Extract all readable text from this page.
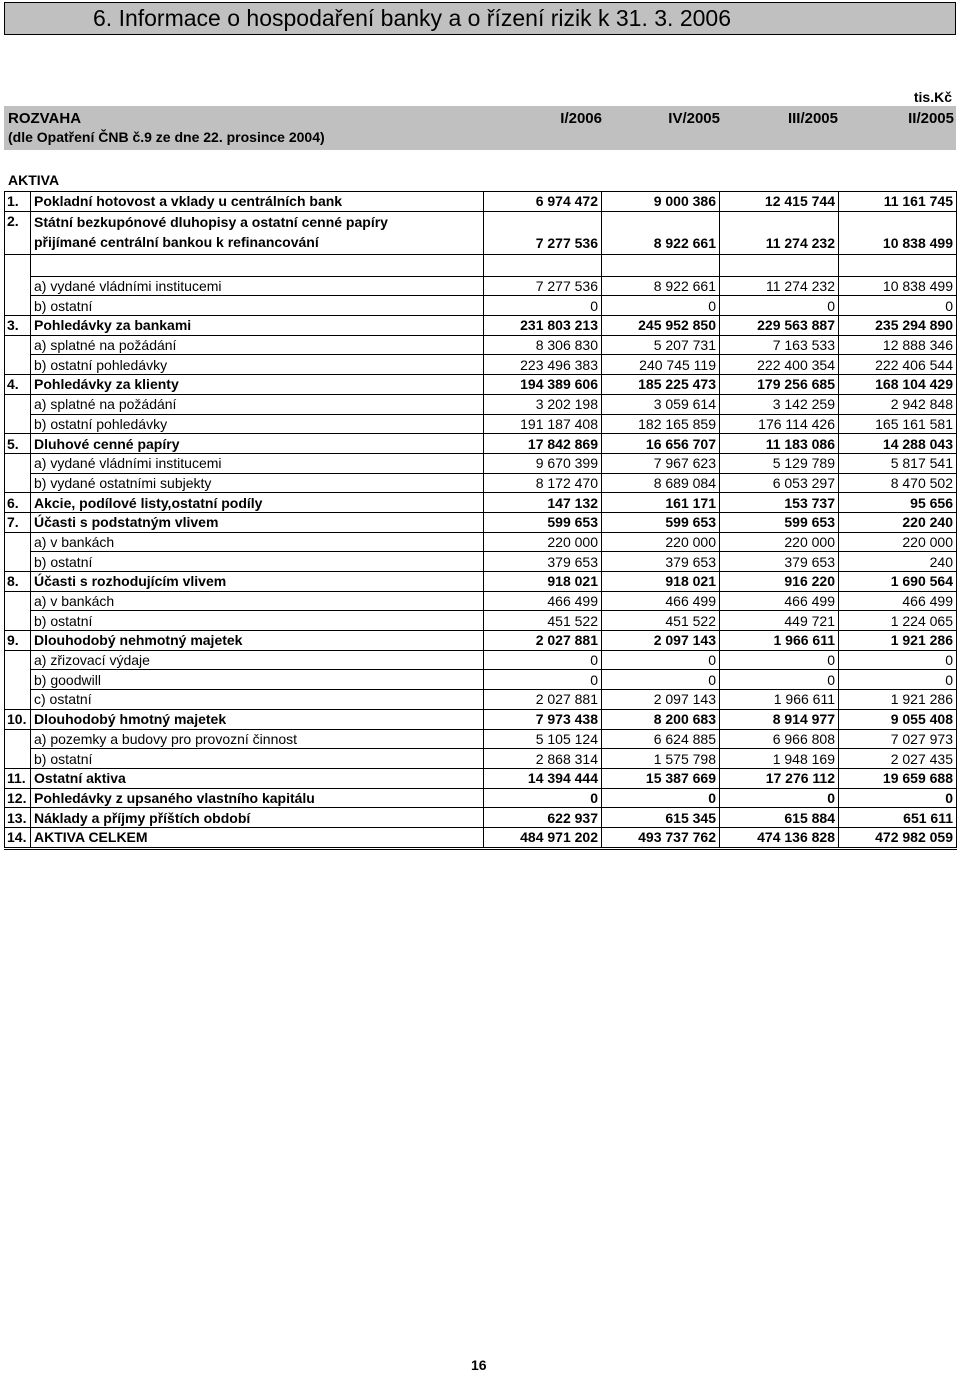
6. Informace o hospodaření banky a o řízení rizik k 31. 3. 2006
tis.Kč
ROZVAHA
(dle Opatření ČNB č.9 ze dne 22. prosince 2004)
I/2006	IV/2005	III/2005	II/2005
AKTIVA
1.	Pokladní hotovost a vklady u centrálních bank	6 974 472	9 000 386	12 415 744	11 161 745
2.	Státní bezkupónové dluhopisy a ostatní cenné papíry
přijímané centrální bankou k refinancování	7 277 536	8 922 661	11 274 232	10 838 499

	a) vydané vládními institucemi	7 277 536	8 922 661	11 274 232	10 838 499
	b) ostatní	0	0	0	0
3.	Pohledávky za bankami	231 803 213	245 952 850	229 563 887	235 294 890
	a) splatné na požádání	8 306 830	5 207 731	7 163 533	12 888 346
	b) ostatní pohledávky	223 496 383	240 745 119	222 400 354	222 406 544
4.	Pohledávky za klienty	194 389 606	185 225 473	179 256 685	168 104 429
	a) splatné na požádání	3 202 198	3 059 614	3 142 259	2 942 848
	b) ostatní pohledávky	191 187 408	182 165 859	176 114 426	165 161 581
5.	Dluhové cenné papíry	17 842 869	16 656 707	11 183 086	14 288 043
	a) vydané vládními institucemi	9 670 399	7 967 623	5 129 789	5 817 541
	b) vydané ostatními subjekty	8 172 470	8 689 084	6 053 297	8 470 502
6.	Akcie, podílové listy,ostatní podíly	147 132	161 171	153 737	95 656
7.	Účasti s podstatným vlivem	599 653	599 653	599 653	220 240
	a) v bankách	220 000	220 000	220 000	220 000
	b) ostatní	379 653	379 653	379 653	240
8.	Účasti s rozhodujícím vlivem	918 021	918 021	916 220	1 690 564
	a) v bankách	466 499	466 499	466 499	466 499
	b) ostatní	451 522	451 522	449 721	1 224 065
9.	Dlouhodobý nehmotný majetek	2 027 881	2 097 143	1 966 611	1 921 286
	a) zřizovací výdaje	0	0	0	0
	b) goodwill	0	0	0	0
	c) ostatní	2 027 881	2 097 143	1 966 611	1 921 286
10.	Dlouhodobý hmotný majetek	7 973 438	8 200 683	8 914 977	9 055 408
	a) pozemky a budovy pro provozní činnost	5 105 124	6 624 885	6 966 808	7 027 973
	b) ostatní	2 868 314	1 575 798	1 948 169	2 027 435
11.	Ostatní aktiva	14 394 444	15 387 669	17 276 112	19 659 688
12.	Pohledávky z upsaného vlastního kapitálu	0	0	0	0
13.	Náklady a příjmy příštích období	622 937	615 345	615 884	651 611
14.	AKTIVA CELKEM	484 971 202	493 737 762	474 136 828	472 982 059
16
